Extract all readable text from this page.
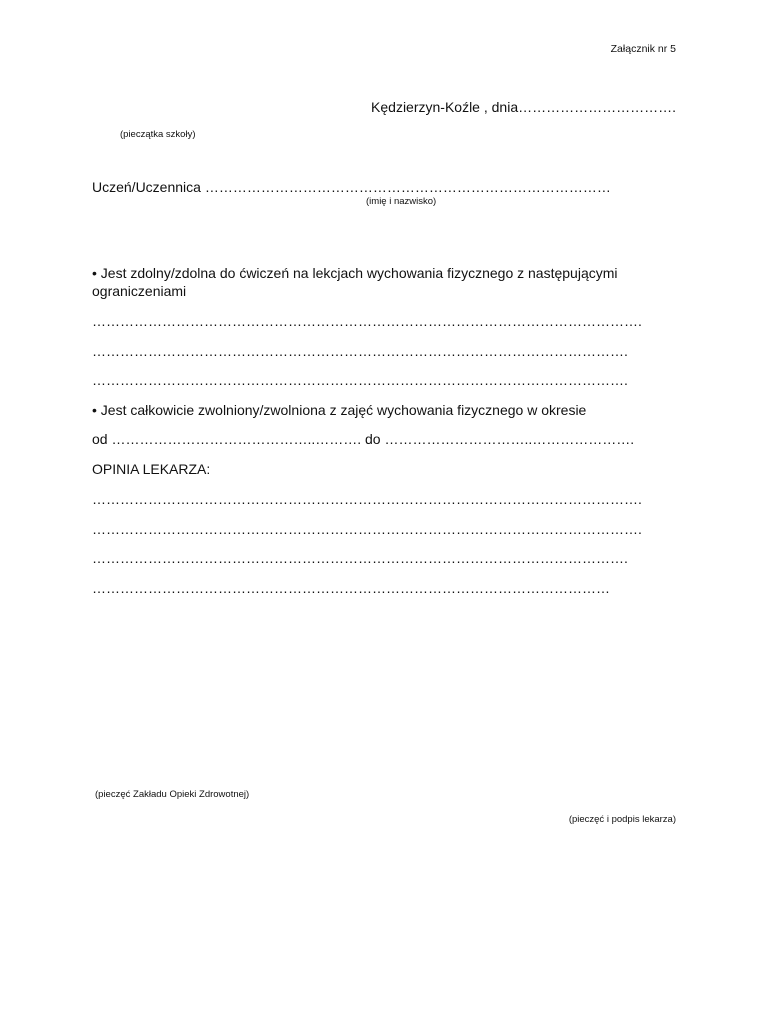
Załącznik nr 5
Kędzierzyn-Koźle , dnia…………………………….
(pieczątka szkoły)
Uczeń/Uczennica ……………………………………………………………………………
(imię i nazwisko)
• Jest zdolny/zdolna do ćwiczeń na lekcjach wychowania fizycznego z następującymi
ograniczeniami
……………………………………………………………………………………………………….
…………………………………………………………………………………………………….
…………………………………………………………………………………………………….
• Jest całkowicie zwolniony/zwolniona z zajęć wychowania fizycznego w okresie
od ……………………………………..………. do …………………………..………………….
OPINIA LEKARZA:
……………………………………………………………………………………………………….
……………………………………………………………………………………………………….
…………………………………………………………………………………………………….
…………………………………………………………………………………………………
(pieczęć Zakładu Opieki Zdrowotnej)
(pieczęć i podpis lekarza)
